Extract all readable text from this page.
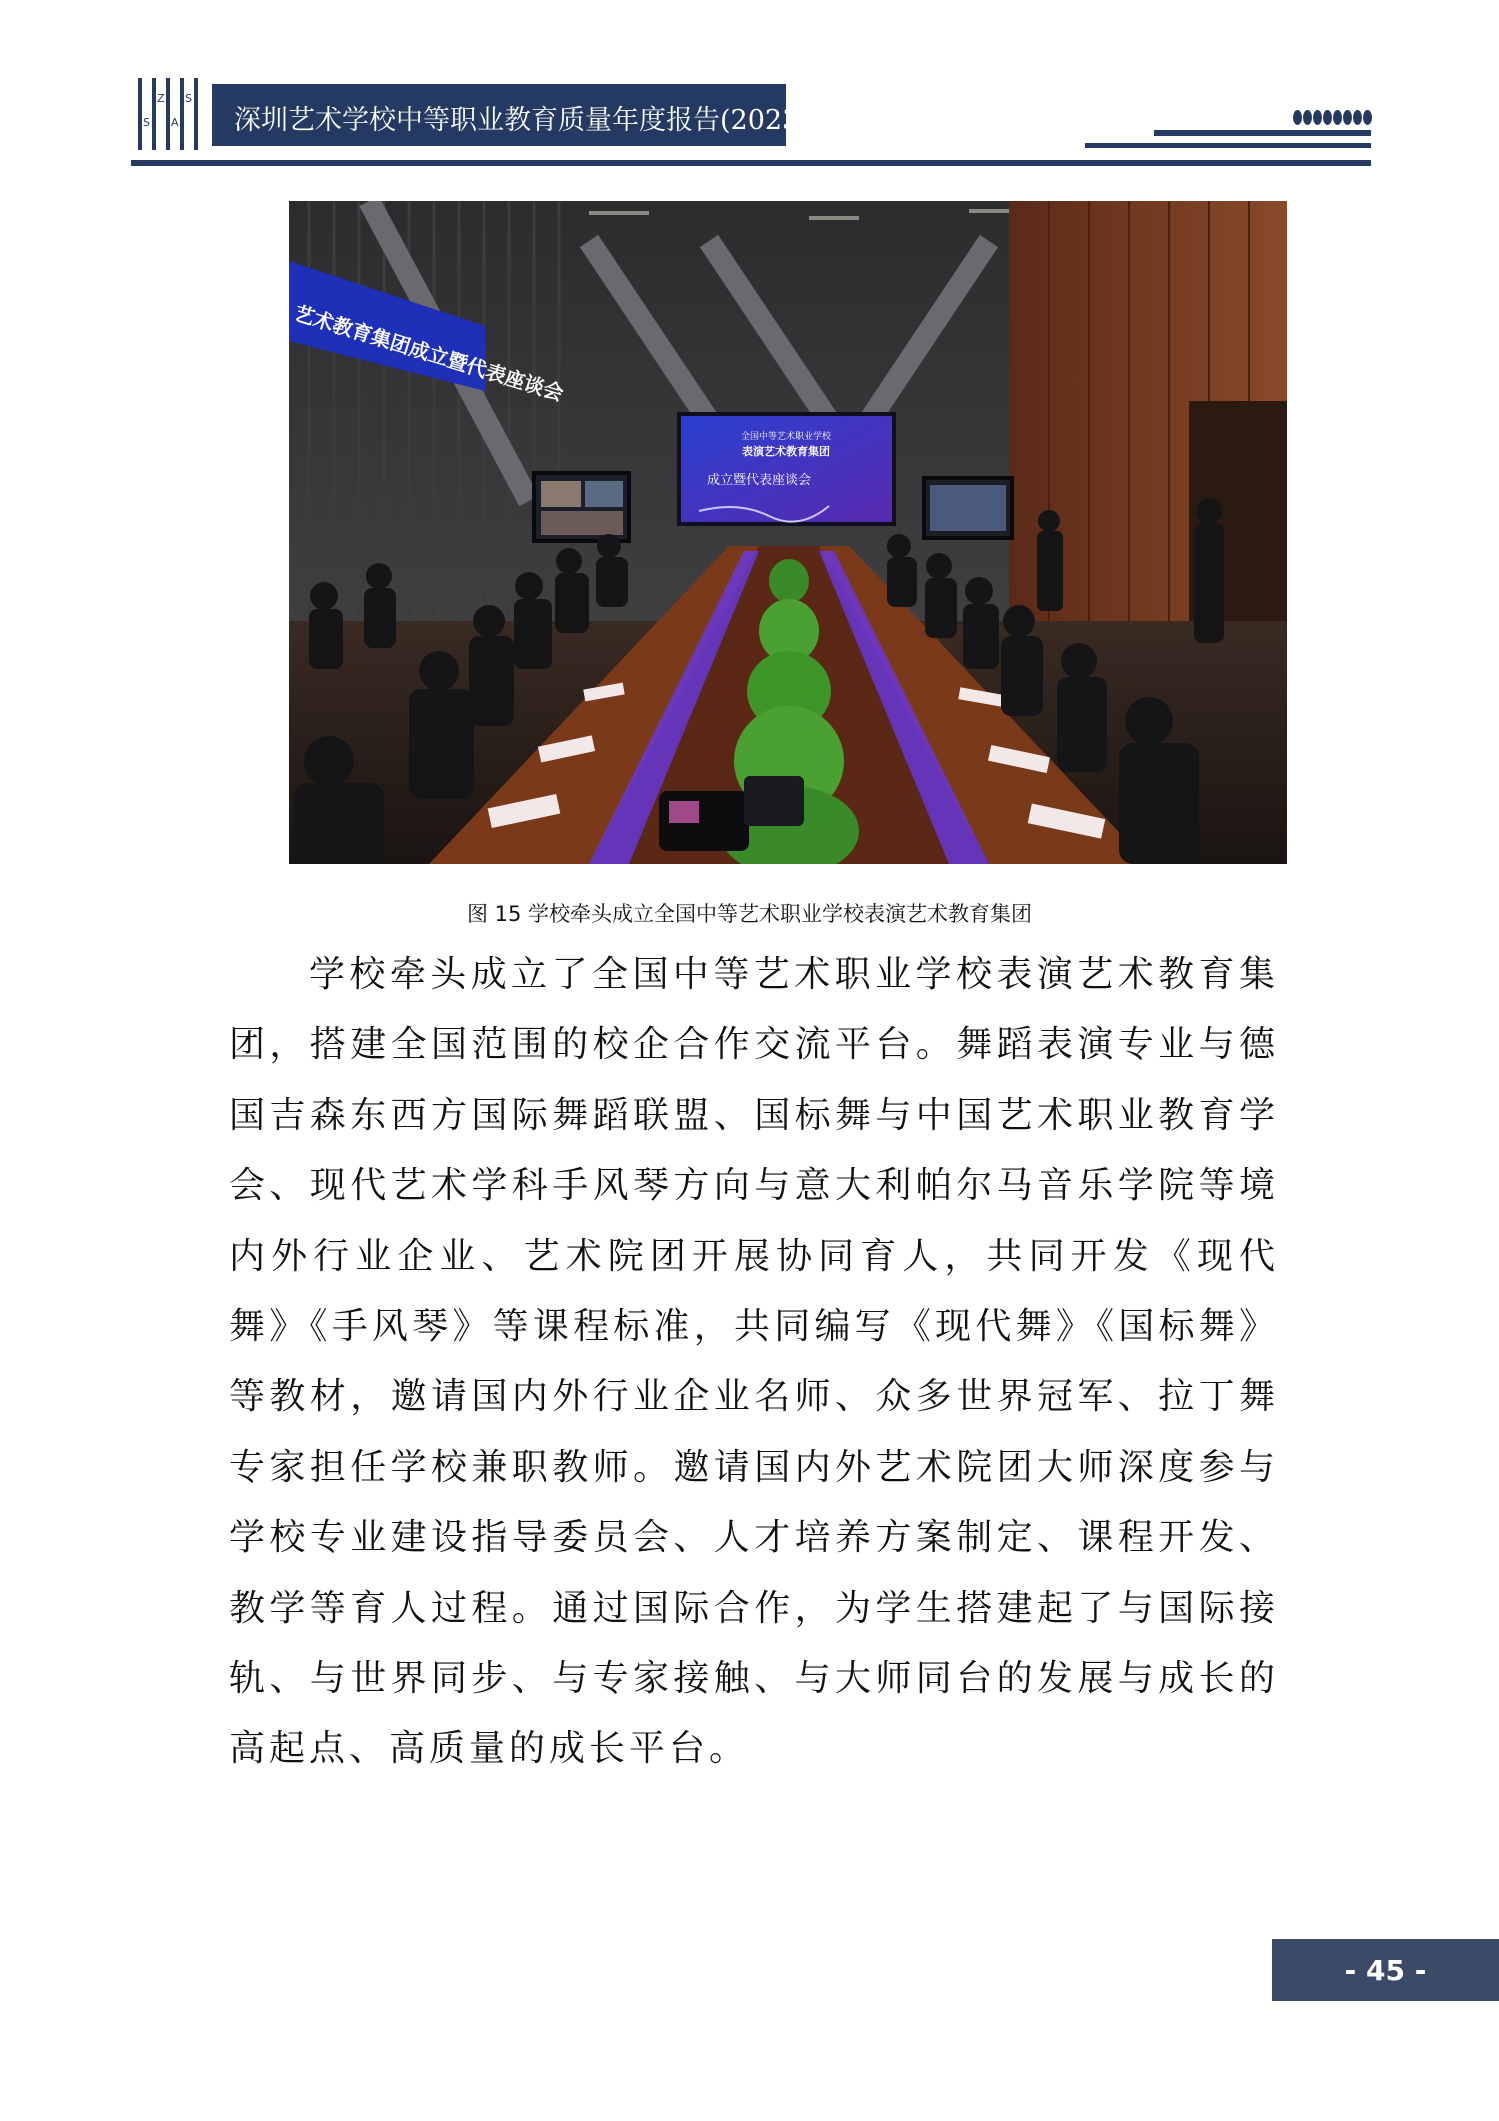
S
Z
A
S
深圳艺术学校中等职业教育质量年度报告(2023)
艺术教育集团成立暨代表座谈会
全国中等艺术职业学校
表演艺术教育集团
成立暨代表座谈会
图 15 学校牵头成立全国中等艺术职业学校表演艺术教育集团

学校牵头成立了全国中等艺术职业学校表演艺术教育集团，搭建全国范围的校企合作交流平台。舞蹈表演专业与德国吉森东西方国际舞蹈联盟、国标舞与中国艺术职业教育学会、现代艺术学科手风琴方向与意大利帕尔马音乐学院等境内外行业企业、艺术院团开展协同育人，共同开发《现代舞》《手风琴》等课程标准，共同编写《现代舞》《国标舞》等教材，邀请国内外行业企业名师、众多世界冠军、拉丁舞专家担任学校兼职教师。邀请国内外艺术院团大师深度参与学校专业建设指导委员会、人才培养方案制定、课程开发、教学等育人过程。通过国际合作，为学生搭建起了与国际接轨、与世界同步、与专家接触、与大师同台的发展与成长的高起点、高质量的成长平台。

- 45 -
